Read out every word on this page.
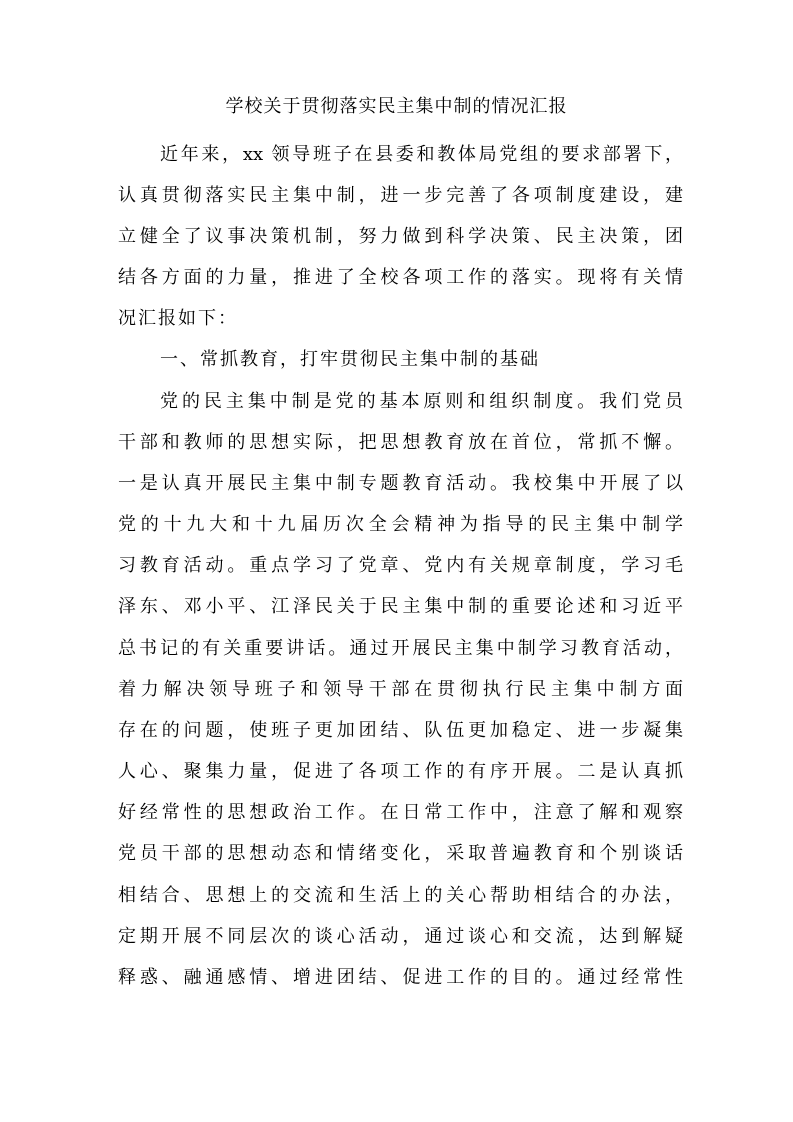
学校关于贯彻落实民主集中制的情况汇报
近年来，xx 领导班子在县委和教体局党组的要求部署下，
认真贯彻落实民主集中制，进一步完善了各项制度建设，建
立健全了议事决策机制，努力做到科学决策、民主决策，团
结各方面的力量，推进了全校各项工作的落实。现将有关情
况汇报如下：
一、常抓教育，打牢贯彻民主集中制的基础
党的民主集中制是党的基本原则和组织制度。我们党员
干部和教师的思想实际，把思想教育放在首位，常抓不懈。
一是认真开展民主集中制专题教育活动。我校集中开展了以
党的十九大和十九届历次全会精神为指导的民主集中制学
习教育活动。重点学习了党章、党内有关规章制度，学习毛
泽东、邓小平、江泽民关于民主集中制的重要论述和习近平
总书记的有关重要讲话。通过开展民主集中制学习教育活动，
着力解决领导班子和领导干部在贯彻执行民主集中制方面
存在的问题，使班子更加团结、队伍更加稳定、进一步凝集
人心、聚集力量，促进了各项工作的有序开展。二是认真抓
好经常性的思想政治工作。在日常工作中，注意了解和观察
党员干部的思想动态和情绪变化，采取普遍教育和个别谈话
相结合、思想上的交流和生活上的关心帮助相结合的办法，
定期开展不同层次的谈心活动，通过谈心和交流，达到解疑
释惑、融通感情、增进团结、促进工作的目的。通过经常性
